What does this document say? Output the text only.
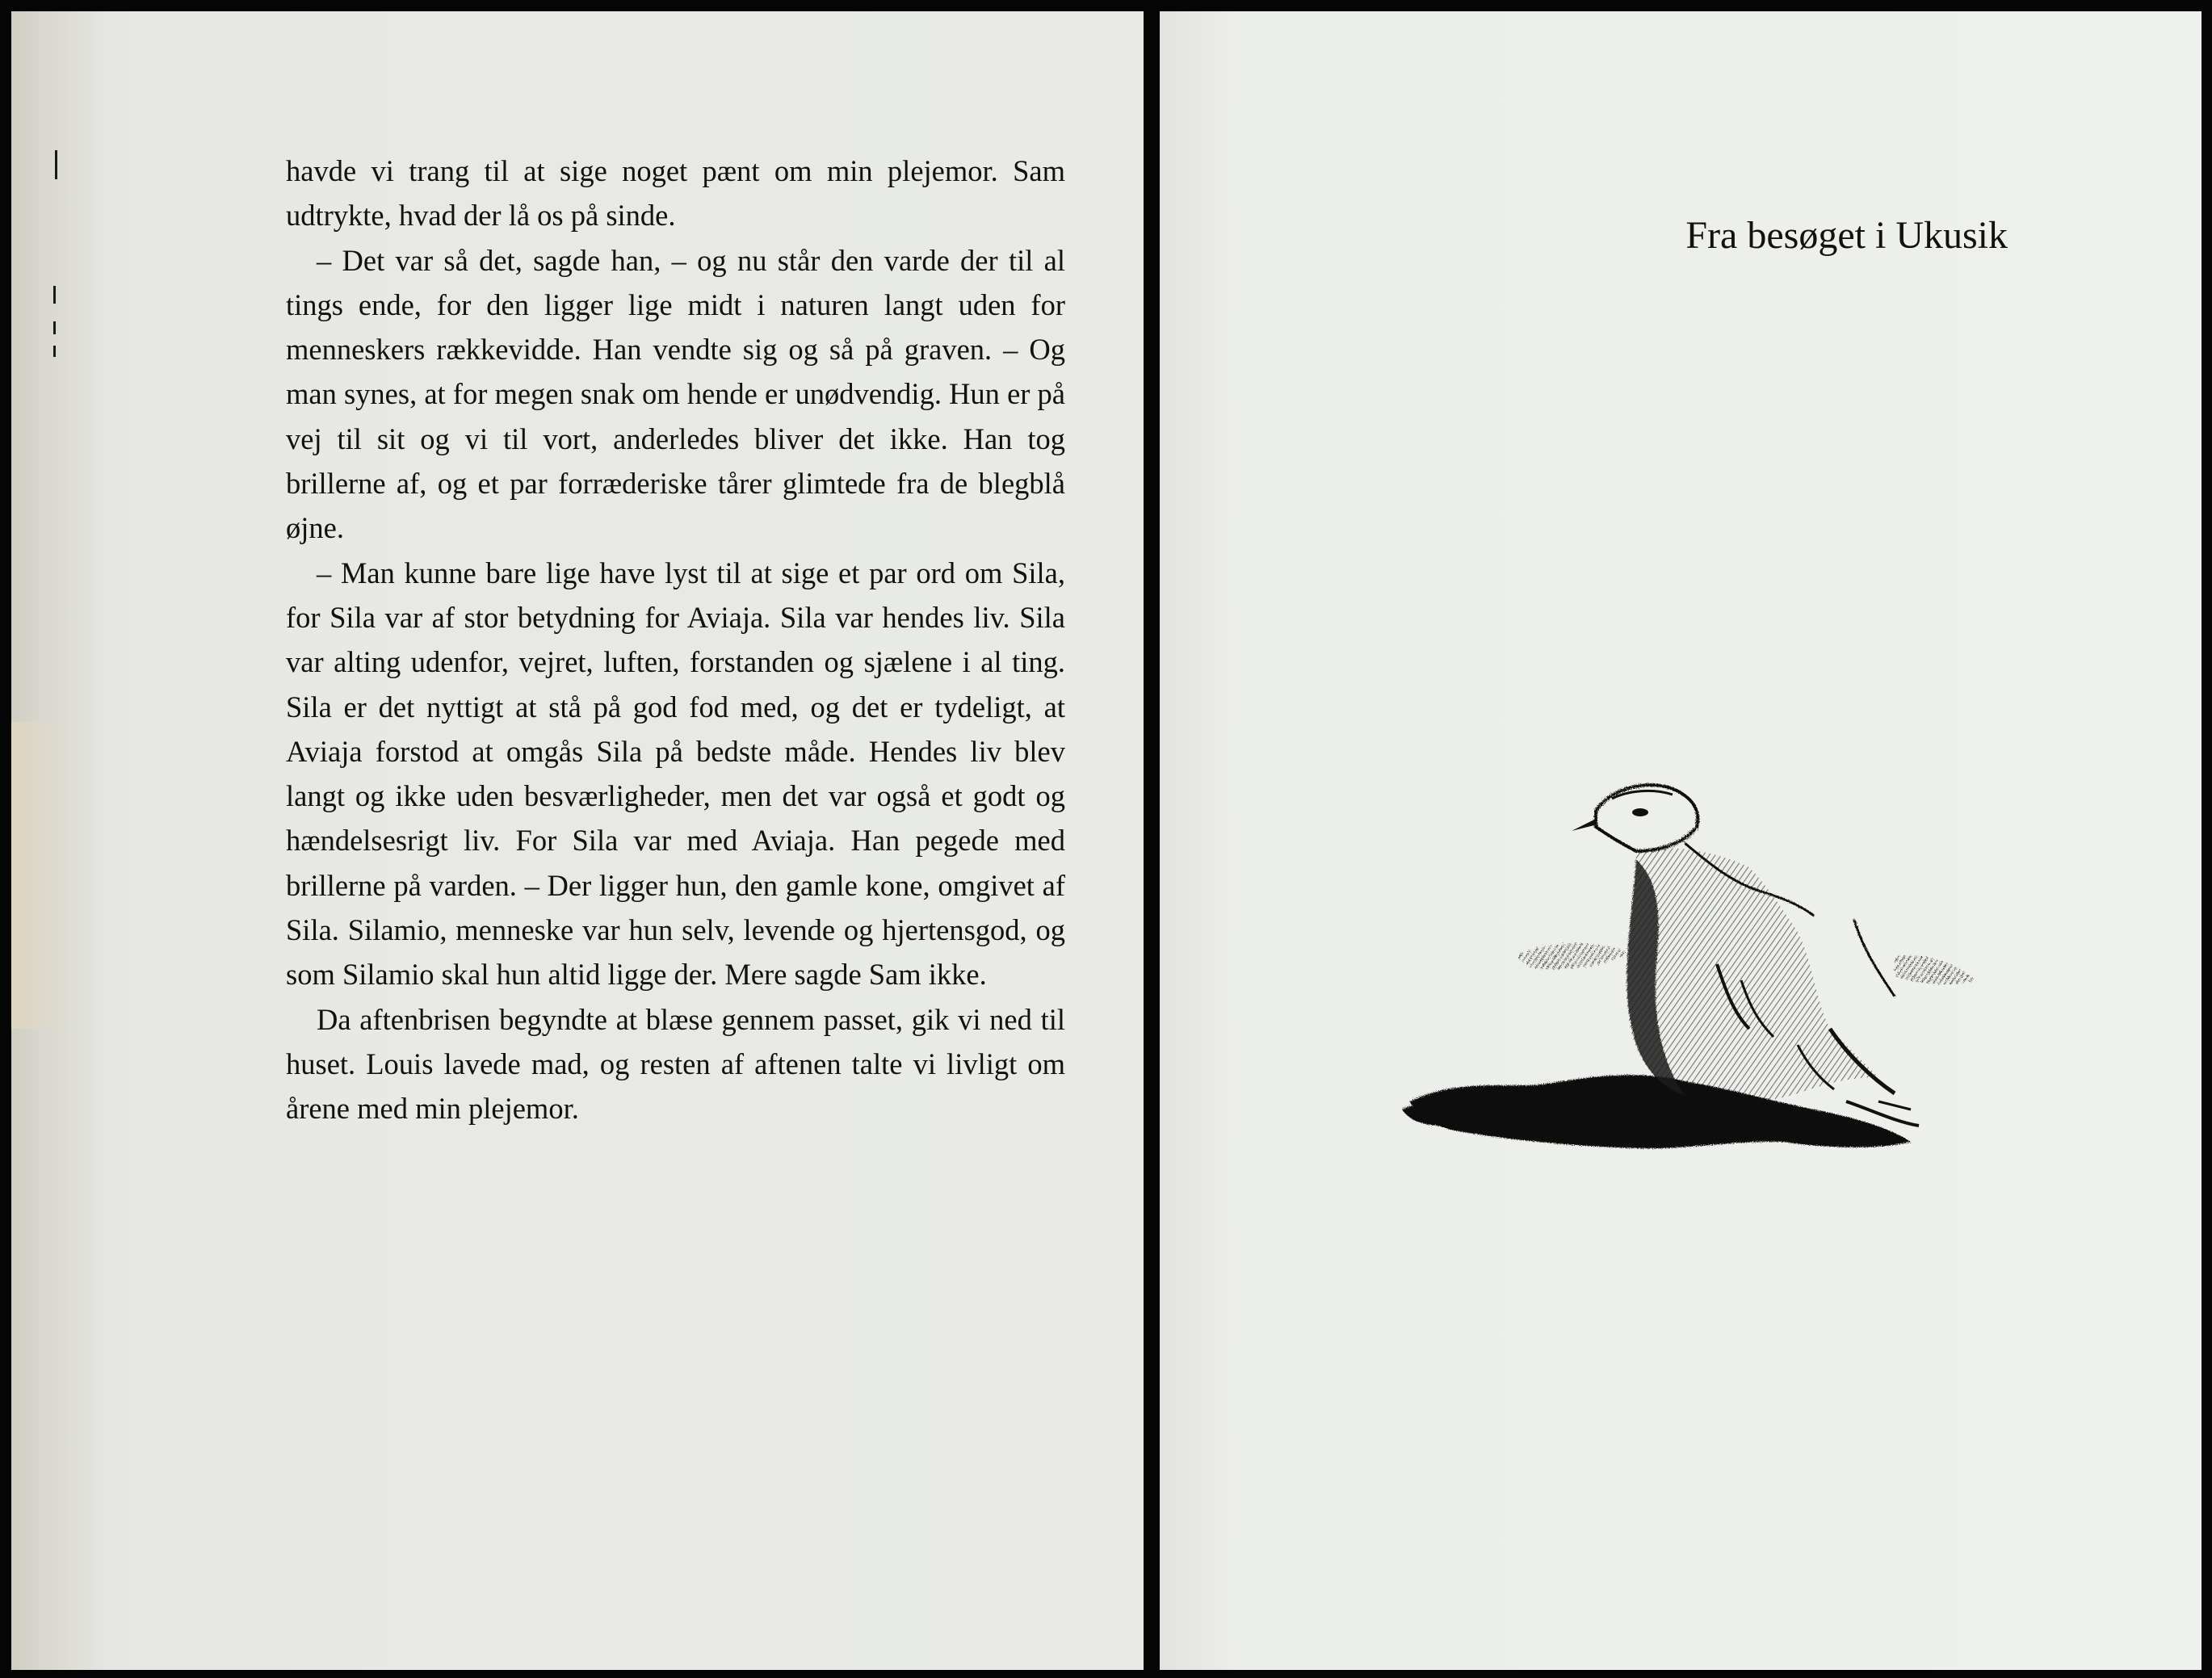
havde vi trang til at sige noget pænt om min plejemor. Sam udtrykte, hvad der lå os på sinde.

– Det var så det, sagde han, – og nu står den varde der til al tings ende, for den ligger lige midt i naturen langt uden for menneskers rækkevidde. Han vendte sig og så på graven. – Og man synes, at for megen snak om hende er unødvendig. Hun er på vej til sit og vi til vort, anderledes bliver det ikke. Han tog brillerne af, og et par forræderiske tårer glimtede fra de blegblå øjne.

– Man kunne bare lige have lyst til at sige et par ord om Sila, for Sila var af stor betydning for Aviaja. Sila var hendes liv. Sila var alting udenfor, vejret, luften, forstanden og sjælene i al ting. Sila er det nyttigt at stå på god fod med, og det er tydeligt, at Aviaja forstod at omgås Sila på bedste måde. Hendes liv blev langt og ikke uden besværligheder, men det var også et godt og hændelsesrigt liv. For Sila var med Aviaja. Han pegede med brillerne på varden. – Der ligger hun, den gamle kone, omgivet af Sila. Silamio, menneske var hun selv, levende og hjertensgod, og som Silamio skal hun altid ligge der. Mere sagde Sam ikke.

Da aftenbrisen begyndte at blæse gennem passet, gik vi ned til huset. Louis lavede mad, og resten af aftenen talte vi livligt om årene med min plejemor.

Fra besøget i Ukusik
